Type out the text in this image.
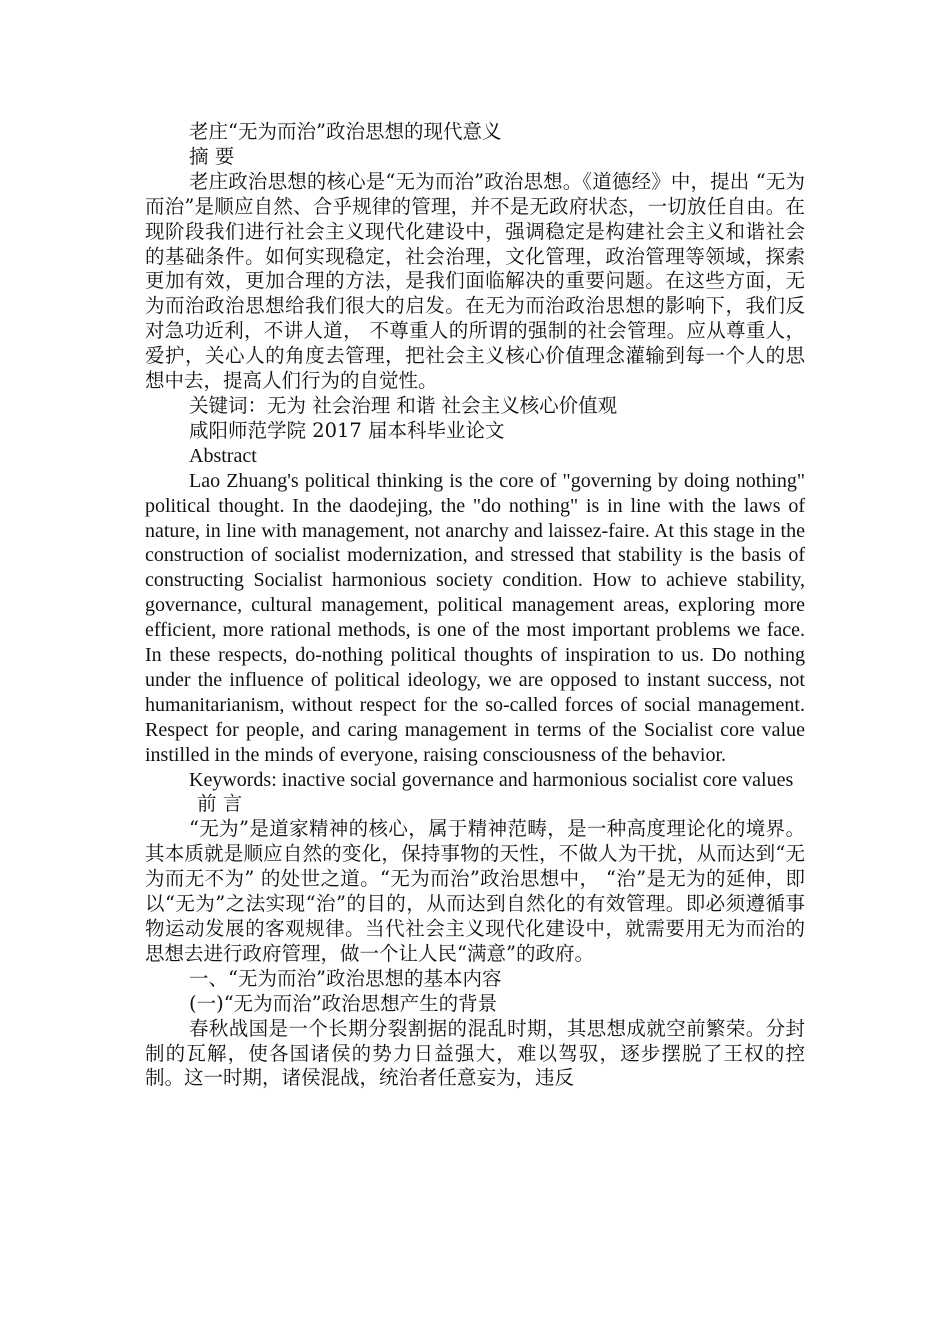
老庄“无为而治”政治思想的现代意义

摘 要

老庄政治思想的核心是“无为而治”政治思想。《道德经》中，提出 “无为而治”是顺应自然、合乎规律的管理，并不是无政府状态，一切放任自由。在现阶段我们进行社会主义现代化建设中，强调稳定是构建社会主义和谐社会的基础条件。如何实现稳定，社会治理，文化管理，政治管理等领域，探索更加有效，更加合理的方法，是我们面临解决的重要问题。在这些方面，无为而治政治思想给我们很大的启发。在无为而治政治思想的影响下，我们反对急功近利，不讲人道， 不尊重人的所谓的强制的社会管理。应从尊重人，爱护，关心人的角度去管理，把社会主义核心价值理念灌输到每一个人的思想中去，提高人们行为的自觉性。

关键词：无为 社会治理 和谐 社会主义核心价值观

咸阳师范学院 2017 届本科毕业论文

Abstract

Lao Zhuang's political thinking is the core of "governing by doing nothing" political thought. In the daodejing, the "do nothing" is in line with the laws of nature, in line with management, not anarchy and laissez-faire. At this stage in the construction of socialist modernization, and stressed that stability is the basis of constructing Socialist harmonious society condition. How to achieve stability, governance, cultural management, political management areas, exploring more efficient, more rational methods, is one of the most important problems we face. In these respects, do-nothing political thoughts of inspiration to us. Do nothing under the influence of political ideology, we are opposed to instant success, not humanitarianism, without respect for the so-called forces of social management. Respect for people, and caring management in terms of the Socialist core value instilled in the minds of everyone, raising consciousness of the behavior.

Keywords: inactive social governance and harmonious socialist core values

前 言

“无为”是道家精神的核心，属于精神范畴，是一种高度理论化的境界。其本质就是顺应自然的变化，保持事物的天性，不做人为干扰，从而达到“无为而无不为” 的处世之道。“无为而治”政治思想中， “治”是无为的延伸，即以“无为”之法实现“治”的目的，从而达到自然化的有效管理。即必须遵循事物运动发展的客观规律。当代社会主义现代化建设中，就需要用无为而治的思想去进行政府管理，做一个让人民“满意”的政府。

一、“无为而治”政治思想的基本内容

(一)“无为而治”政治思想产生的背景

春秋战国是一个长期分裂割据的混乱时期，其思想成就空前繁荣。分封制的瓦解，使各国诸侯的势力日益强大，难以驾驭，逐步摆脱了王权的控制。这一时期，诸侯混战，统治者任意妄为，违反
